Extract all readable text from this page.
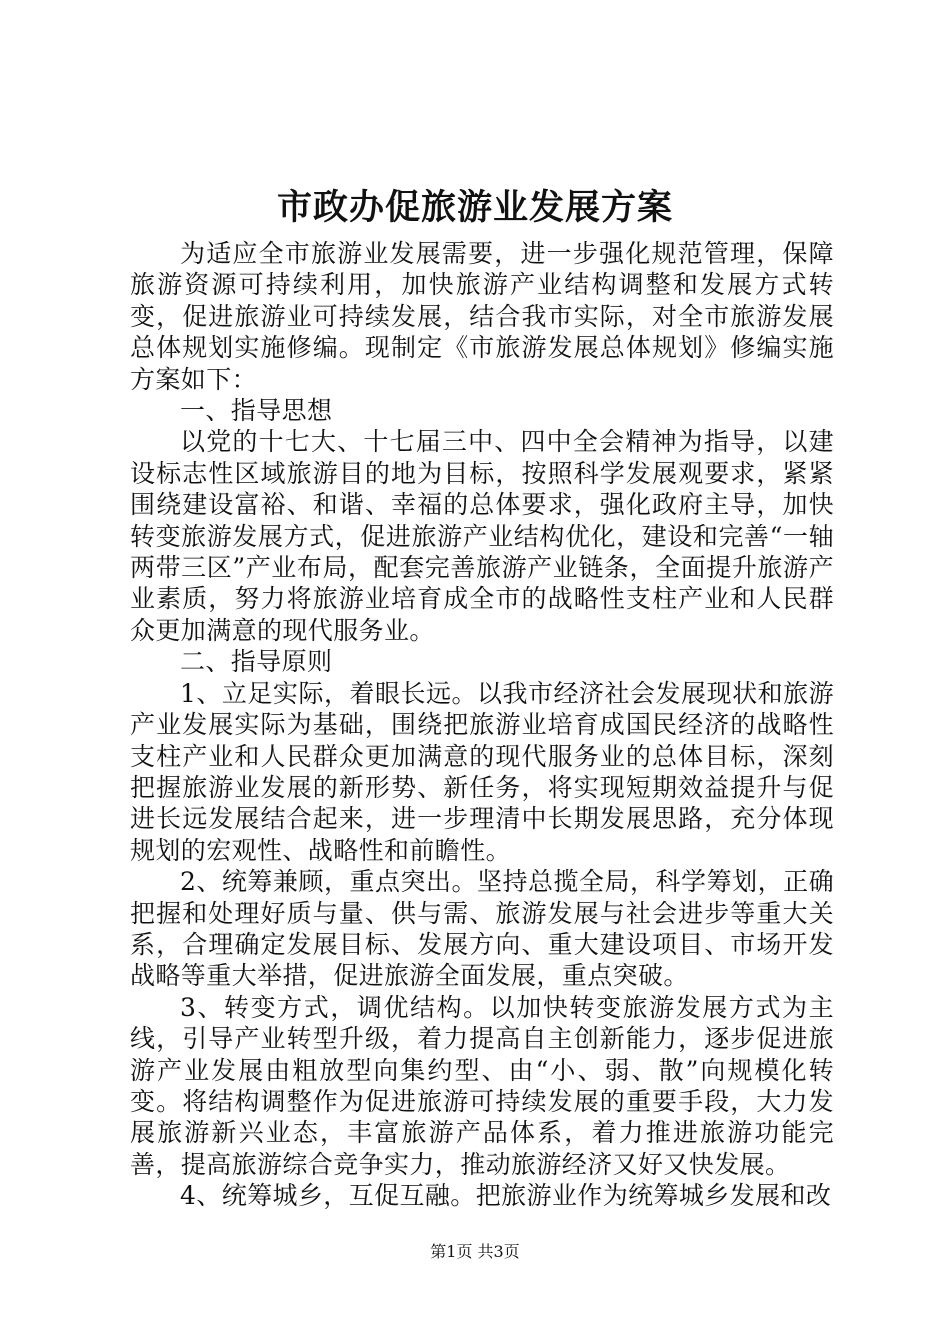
市政办促旅游业发展方案

为适应全市旅游业发展需要，进一步强化规范管理，保障旅游资源可持续利用，加快旅游产业结构调整和发展方式转变，促进旅游业可持续发展，结合我市实际，对全市旅游发展总体规划实施修编。现制定《市旅游发展总体规划》修编实施方案如下：

一、指导思想

以党的十七大、十七届三中、四中全会精神为指导，以建设标志性区域旅游目的地为目标，按照科学发展观要求，紧紧围绕建设富裕、和谐、幸福的总体要求，强化政府主导，加快转变旅游发展方式，促进旅游产业结构优化，建设和完善“一轴两带三区”产业布局，配套完善旅游产业链条，全面提升旅游产业素质，努力将旅游业培育成全市的战略性支柱产业和人民群众更加满意的现代服务业。

二、指导原则

1、立足实际，着眼长远。以我市经济社会发展现状和旅游产业发展实际为基础，围绕把旅游业培育成国民经济的战略性支柱产业和人民群众更加满意的现代服务业的总体目标，深刻把握旅游业发展的新形势、新任务，将实现短期效益提升与促进长远发展结合起来，进一步理清中长期发展思路，充分体现规划的宏观性、战略性和前瞻性。

2、统筹兼顾，重点突出。坚持总揽全局，科学筹划，正确把握和处理好质与量、供与需、旅游发展与社会进步等重大关系，合理确定发展目标、发展方向、重大建设项目、市场开发战略等重大举措，促进旅游全面发展，重点突破。

3、转变方式，调优结构。以加快转变旅游发展方式为主线，引导产业转型升级，着力提高自主创新能力，逐步促进旅游产业发展由粗放型向集约型、由“小、弱、散”向规模化转变。将结构调整作为促进旅游可持续发展的重要手段，大力发展旅游新兴业态，丰富旅游产品体系，着力推进旅游功能完善，提高旅游综合竞争实力，推动旅游经济又好又快发展。

4、统筹城乡，互促互融。把旅游业作为统筹城乡发展和改

第1页 共3页
